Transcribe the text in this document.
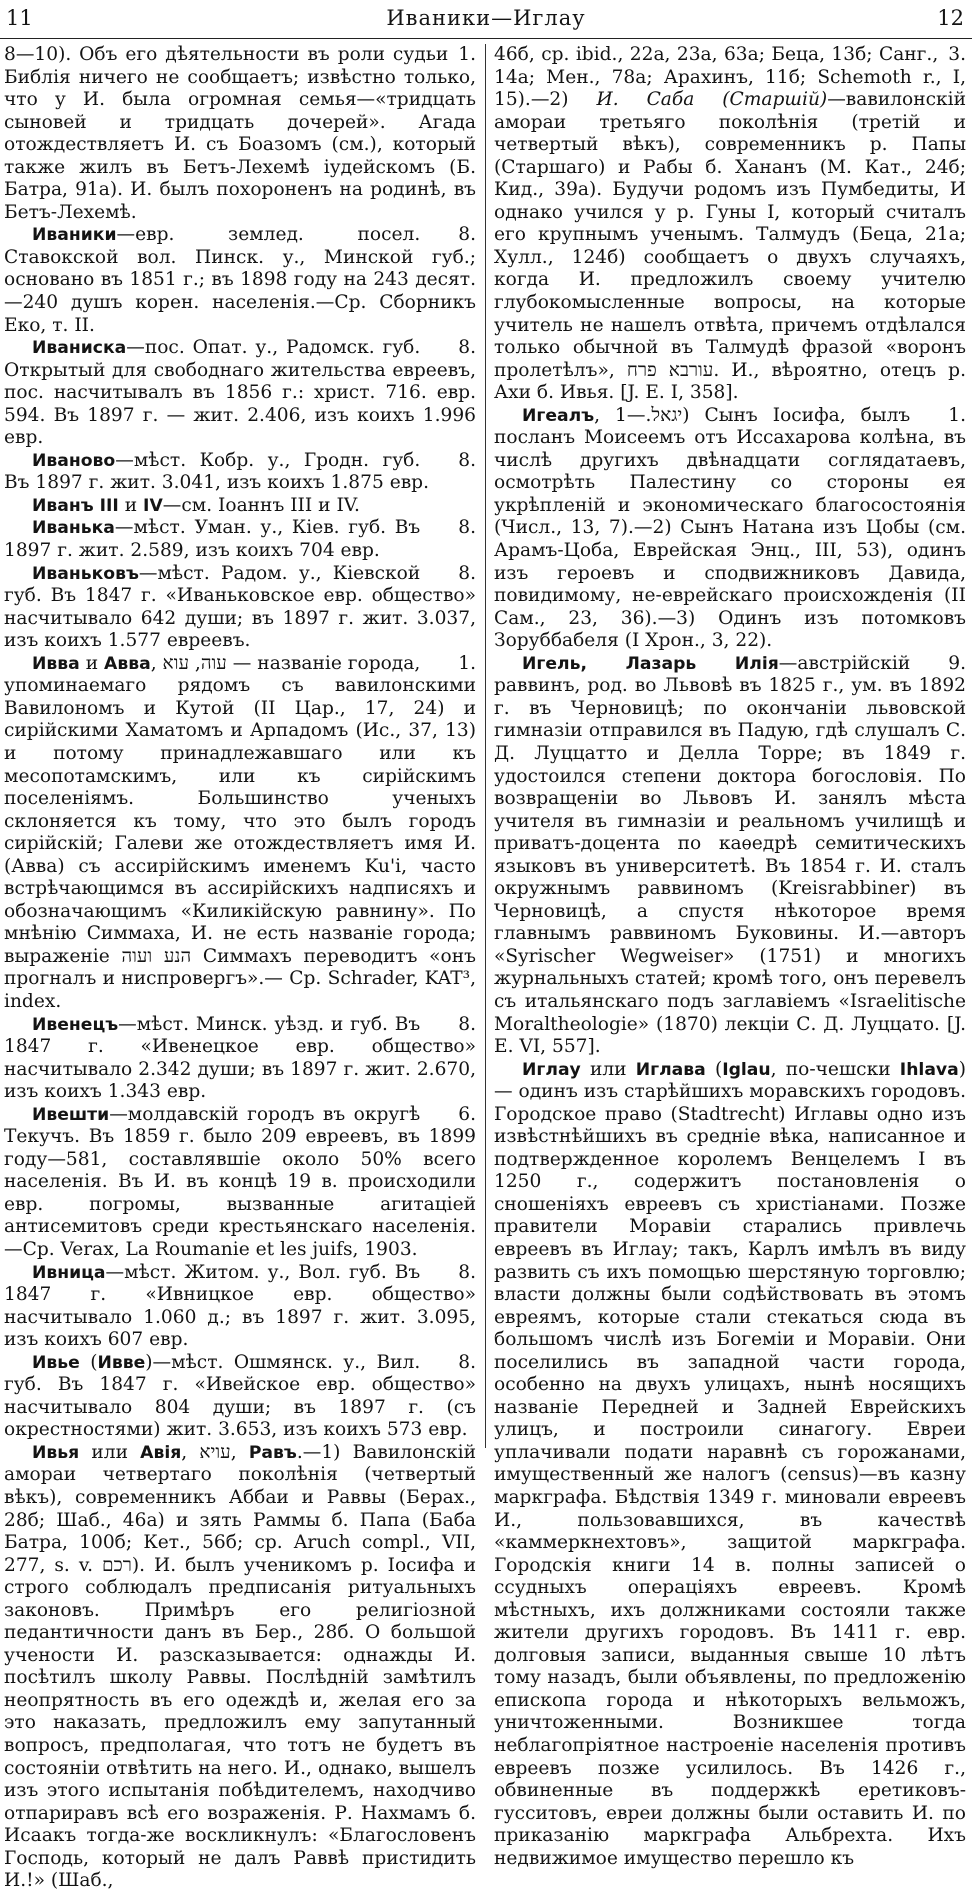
11	Иваники—Иглау	12

1.
8—10). Объ его дѣятельности въ роли судьи Библія ничего не сообщаетъ; извѣстно только, что у И. была огромная семья—«тридцать сыновей и тридцать дочерей». Агада отождествляетъ И. съ Боазомъ (см.), который также жилъ въ Бетъ-Лехемѣ іудейскомъ (Б. Батра, 91а). И. былъ похороненъ на родинѣ, въ Бетъ-Лехемѣ.

8.
Иваники—евр. землед. посел. Ставокской вол. Пинск. у., Минской губ.; основано въ 1851 г.; въ 1898 году на 243 десят.—240 душъ корен. населенія.—Ср. Сборникъ Еко, т. II.

8.
Иваниска—пос. Опат. у., Радомск. губ. Открытый для свободнаго жительства евреевъ, пос. насчитывалъ въ 1856 г.: христ. 716. евр. 594. Въ 1897 г. — жит. 2.406, изъ коихъ 1.996 евр.

8.
Иваново—мѣст. Кобр. у., Гродн. губ. Въ 1897 г. жит. 3.041, изъ коихъ 1.875 евр.

Иванъ III и IV—см. Іоаннъ III и IV.

8.
Иванька—мѣст. Уман. у., Кіев. губ. Въ 1897 г. жит. 2.589, изъ коихъ 704 евр.

8.
Иваньковъ—мѣст. Радом. у., Кіевской губ. Въ 1847 г. «Иваньковское евр. общество» насчитывало 642 души; въ 1897 г. жит. 3.037, изъ коихъ 1.577 евреевъ.

1.
Ивва и Авва, עוה, עוא — названіе города, упоминаемаго рядомъ съ вавилонскими Вавилономъ и Кутой (II Цар., 17, 24) и сирійскими Хаматомъ и Арпадомъ (Ис., 37, 13) и потому принадлежавшаго или къ месопотамскимъ, или къ сирійскимъ поселеніямъ. Большинство ученыхъ склоняется къ тому, что это былъ городъ сирійскій; Галеви же отождествляетъ имя И. (Авва) съ ассирійскимъ именемъ Ku'i, часто встрѣчающимся въ ассирійскихъ надписяхъ и обозначающимъ «Киликійскую равнину». По мнѣнію Симмаха, И. не есть названіе города; выраженіе הנע ועוה Симмахъ переводитъ «онъ прогналъ и ниспровергъ».— Ср. Schrader, KAT³, index.

8.
Ивенецъ—мѣст. Минск. уѣзд. и губ. Въ 1847 г. «Ивенецкое евр. общество» насчитывало 2.342 души; въ 1897 г. жит. 2.670, изъ коихъ 1.343 евр.

6.
Ивешти—молдавскій городъ въ округѣ Текучъ. Въ 1859 г. было 209 евреевъ, въ 1899 году—581, составлявшіе около 50% всего населенія. Въ И. въ концѣ 19 в. происходили евр. погромы, вызванные агитаціей антисемитовъ среди крестьянскаго населенія.—Ср. Verax, La Roumanie et les juifs, 1903.

8.
Ивница—мѣст. Житом. у., Вол. губ. Въ 1847 г. «Ивницкое евр. общество» насчитывало 1.060 д.; въ 1897 г. жит. 3.095, изъ коихъ 607 евр.

8.
Ивье (Ивве)—мѣст. Ошмянск. у., Вил. губ. Въ 1847 г. «Ивейское евр. общество» насчитывало 804 души; въ 1897 г. (съ окрестностями) жит. 3.653, изъ коихъ 573 евр.

Ивья или Авія, עויא, Равъ.—1) Вавилонскій амораи четвертаго поколѣнія (четвертый вѣкъ), современникъ Аббаи и Раввы (Берах., 28б; Шаб., 46а) и зять Раммы б. Папа (Баба Батра, 100б; Кет., 56б; ср. Aruch compl., VII, 277, s. v. רכם). И. былъ ученикомъ р. Іосифа и строго соблюдалъ предписанія ритуальныхъ законовъ. Примѣръ его религіозной педантичности данъ въ Бер., 28б. О большой учености И. разсказывается: однажды И. посѣтилъ школу Раввы. Послѣдній замѣтилъ неопрятность въ его одеждѣ и, желая его за это наказать, предложилъ ему запутанный вопросъ, предполагая, что тотъ не будетъ въ состояніи отвѣтить на него. И., однако, вышелъ изъ этого испытанія побѣдителемъ, находчиво отпариравъ всѣ его возраженія. Р. Нахмамъ б. Исаакъ тогда-же воскликнулъ: «Благословенъ Господь, который не далъ Раввѣ пристидить И.!» (Шаб.,

3.
46б, ср. ibid., 22а, 23а, 63а; Беца, 13б; Санг., 14а; Мен., 78а; Арахинъ, 11б; Schemoth r., I, 15).—2) И. Саба (Старшій)—вавилонскій амораи третьяго поколѣнія (третій и четвертый вѣкъ), современникъ р. Папы (Старшаго) и Рабы б. Хананъ (М. Кат., 24б; Кид., 39а). Будучи родомъ изъ Пумбедиты, И однако учился у р. Гуны I, который считалъ его крупнымъ ученымъ. Талмудъ (Беца, 21а; Хулл., 124б) сообщаетъ о двухъ случаяхъ, когда И. предложилъ своему учителю глубокомысленные вопросы, на которые учитель не нашелъ отвѣта, причемъ отдѣлался только обычной въ Талмудѣ фразой «воронъ пролетѣлъ», עורבא פרח. И., вѣроятно, отецъ р. Ахи б. Ивья. [J. E. I, 358].

1.
Игеалъ, יגאל.—1) Сынъ Іосифа, былъ посланъ Моисеемъ отъ Иссахарова колѣна, въ числѣ другихъ двѣнадцати соглядатаевъ, осмотрѣть Палестину со стороны ея укрѣпленій и экономическаго благосостоянія (Числ., 13, 7).—2) Сынъ Натана изъ Цобы (см. Арамъ-Цоба, Еврейская Энц., III, 53), одинъ изъ героевъ и сподвижниковъ Давида, повидимому, не-еврейскаго происхожденія (II Сам., 23, 36).—3) Одинъ изъ потомковъ Зоруббабеля (I Хрон., 3, 22).

9.
Игель, Лазарь Илія—австрійскій раввинъ, род. во Львовѣ въ 1825 г., ум. въ 1892 г. въ Черновицѣ; по окончаніи львовской гимназіи отправился въ Падую, гдѣ слушалъ С. Д. Луццатто и Делла Торре; въ 1849 г. удостоился степени доктора богословія. По возвращеніи во Львовъ И. занялъ мѣста учителя въ гимназіи и реальномъ училищѣ и приватъ-доцента по каѳедрѣ семитическихъ языковъ въ университетѣ. Въ 1854 г. И. сталъ окружнымъ раввиномъ (Kreisrabbiner) въ Черновицѣ, а спустя нѣкоторое время главнымъ раввиномъ Буковины. И.—авторъ «Syrischer Wegweiser» (1751) и многихъ журнальныхъ статей; кромѣ того, онъ перевелъ съ итальянскаго подъ заглавіемъ «Israelitische Moraltheologie» (1870) лекціи С. Д. Луццато. [J. E. VI, 557].

Иглау или Иглава (Iglau, по-чешски Ihlava)— одинъ изъ старѣйшихъ моравскихъ городовъ. Городское право (Stadtrecht) Иглавы одно изъ извѣстнѣйшихъ въ средніе вѣка, написанное и подтвержденное королемъ Венцелемъ I въ 1250 г., содержитъ постановленія о сношеніяхъ евреевъ съ христіанами. Позже правители Моравіи старались привлечь евреевъ въ Иглау; такъ, Карлъ имѣлъ въ виду развить съ ихъ помощью шерстяную торговлю; власти должны были содѣйствовать въ этомъ евреямъ, которые стали стекаться сюда въ большомъ числѣ изъ Богеміи и Моравіи. Они поселились въ западной части города, особенно на двухъ улицахъ, нынѣ носящихъ названіе Передней и Задней Еврейскихъ улицъ, и построили синагогу. Евреи уплачивали подати наравнѣ съ горожанами, имущественный же налогъ (census)—въ казну маркграфа. Бѣдствія 1349 г. миновали евреевъ И., пользовавшихся, въ качествѣ «каммеркнехтовъ», защитой маркграфа. Городскія книги 14 в. полны записей о ссудныхъ операціяхъ евреевъ. Кромѣ мѣстныхъ, ихъ должниками состояли также жители другихъ городовъ. Въ 1411 г. евр. долговыя записи, выданныя свыше 10 лѣтъ тому назадъ, были объявлены, по предложенію епископа города и нѣкоторыхъ вельможъ, уничтоженными. Возникшее тогда неблагопріятное настроеніе населенія противъ евреевъ позже усилилось. Въ 1426 г., обвиненные въ поддержкѣ еретиковъ-гусситовъ, евреи должны были оставить И. по приказанію маркграфа Альбрехта. Ихъ недвижимое имущество перешло къ
